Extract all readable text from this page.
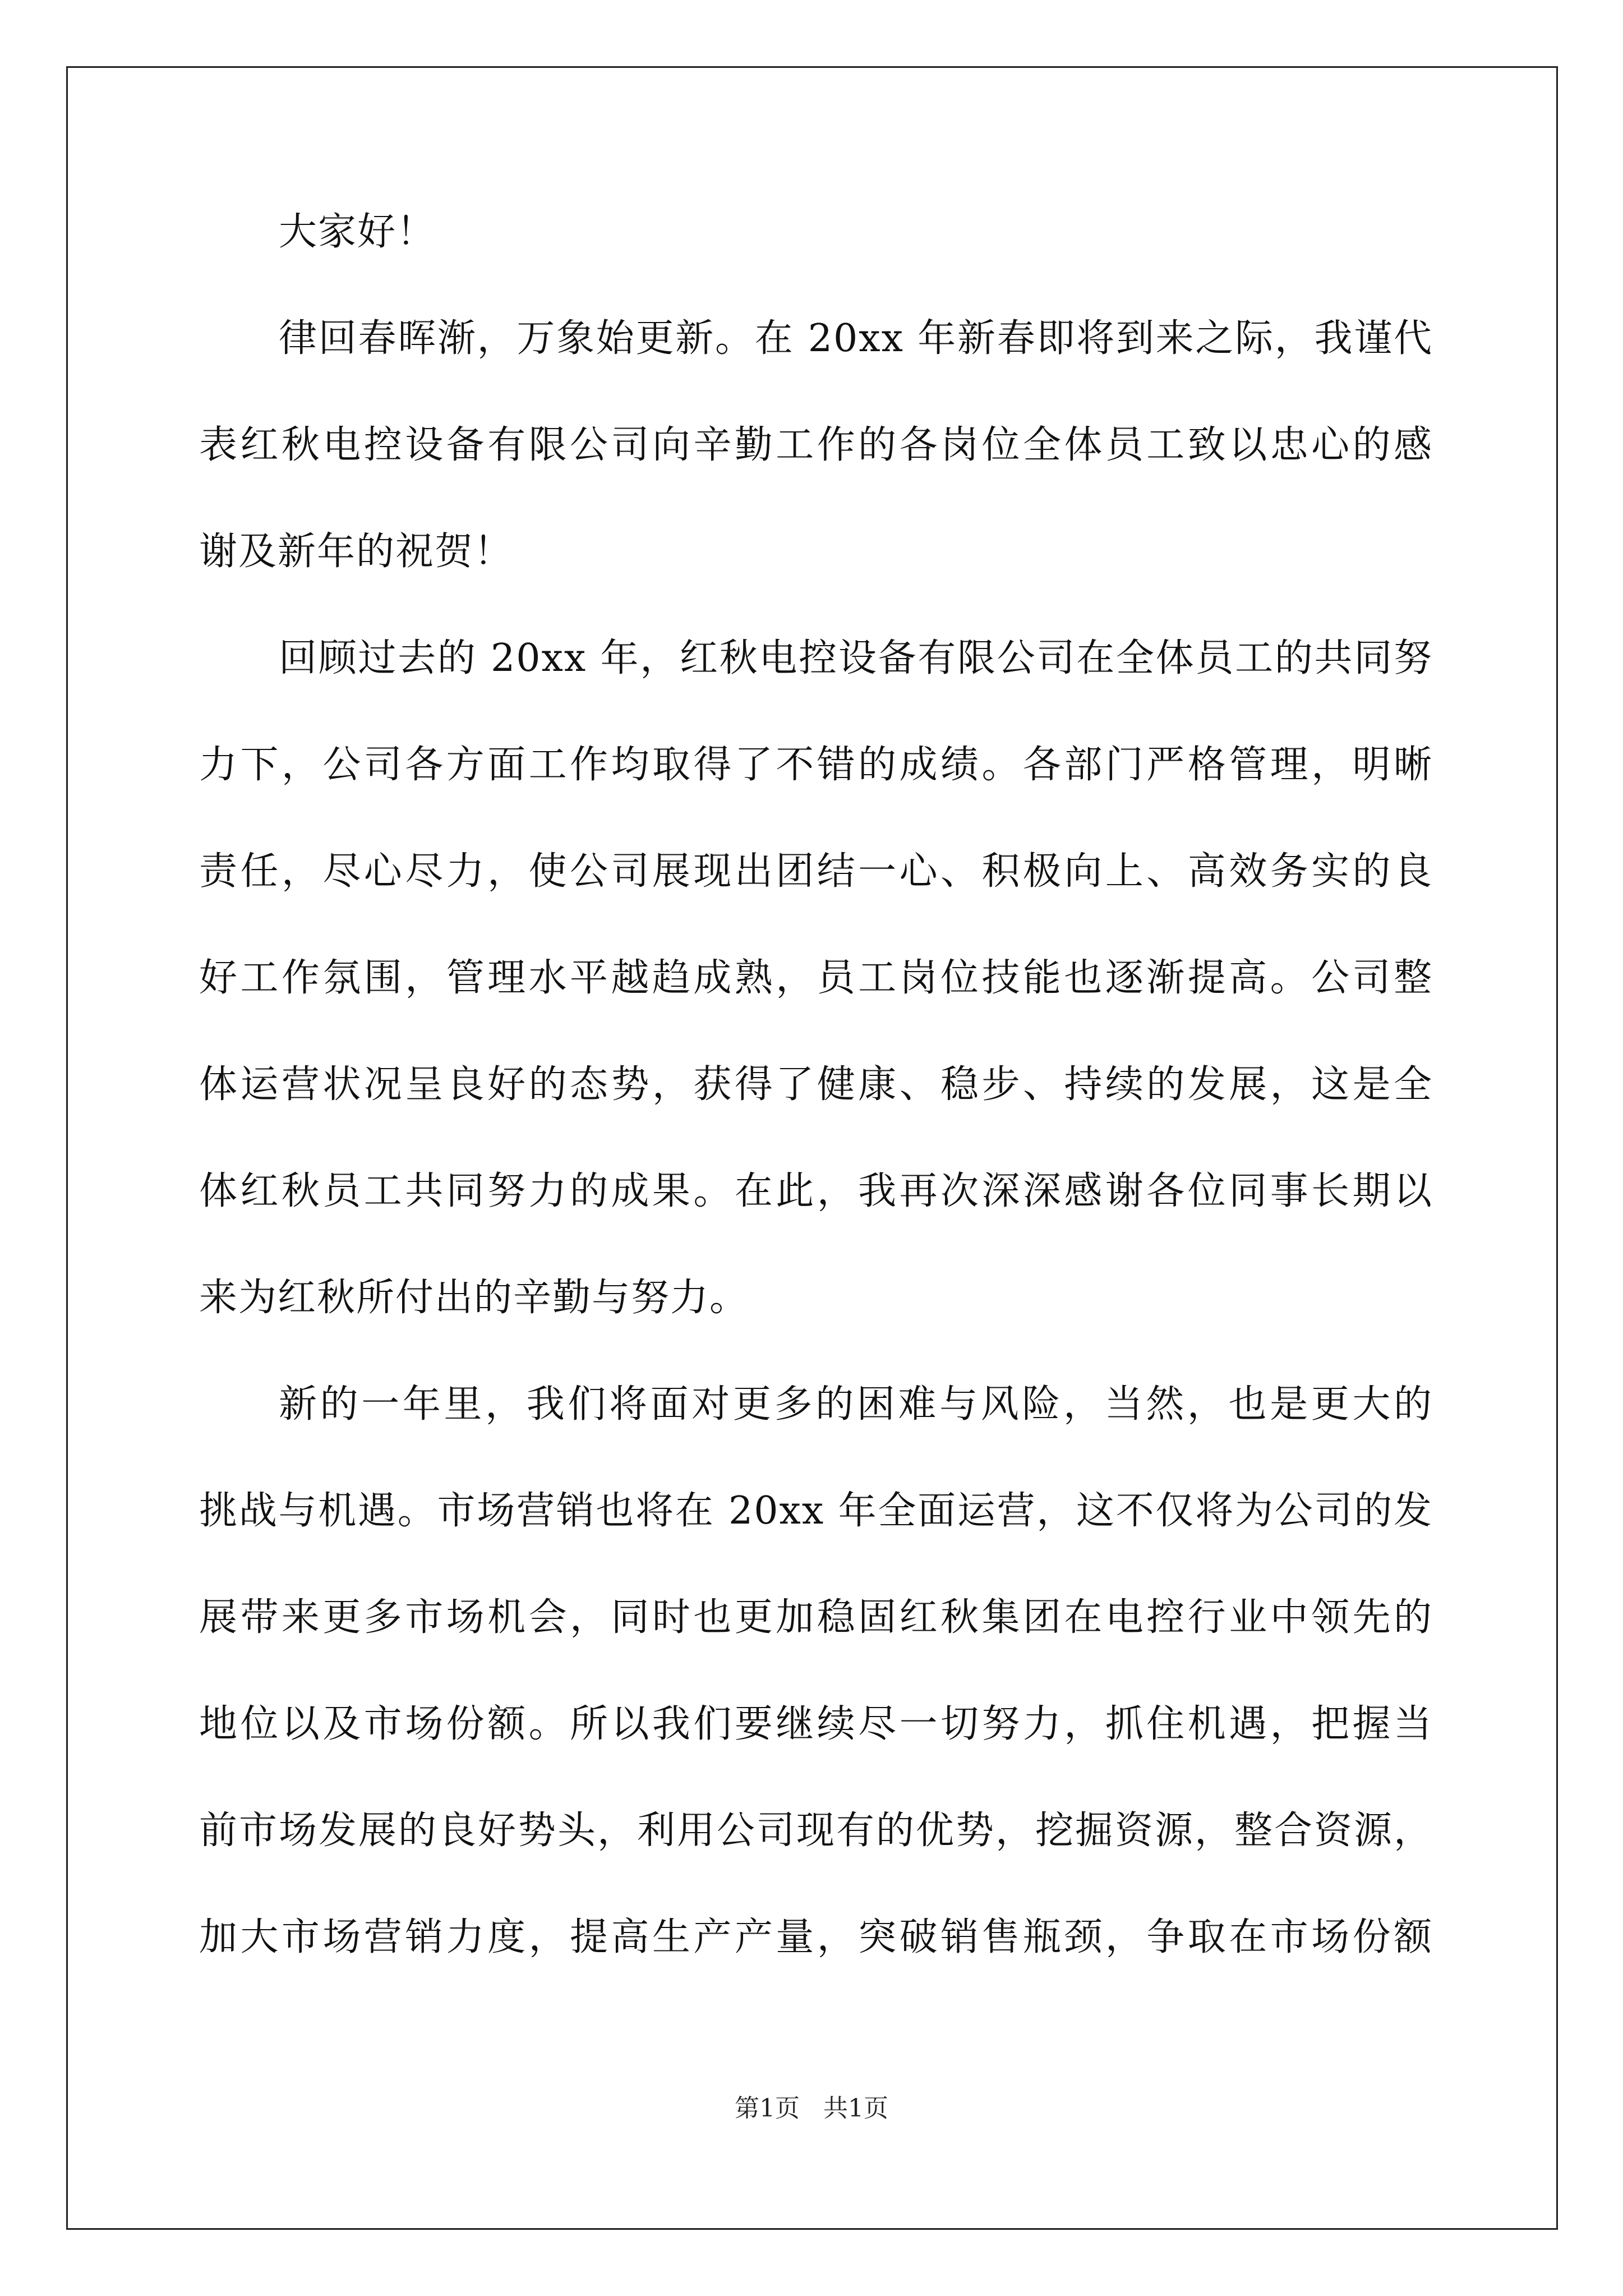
大家好！
律回春晖渐，万象始更新。在 20xx 年新春即将到来之际，我谨代
表红秋电控设备有限公司向辛勤工作的各岗位全体员工致以忠心的感
谢及新年的祝贺！
回顾过去的 20xx 年，红秋电控设备有限公司在全体员工的共同努
力下，公司各方面工作均取得了不错的成绩。各部门严格管理，明晰
责任，尽心尽力，使公司展现出团结一心、积极向上、高效务实的良
好工作氛围，管理水平越趋成熟，员工岗位技能也逐渐提高。公司整
体运营状况呈良好的态势，获得了健康、稳步、持续的发展，这是全
体红秋员工共同努力的成果。在此，我再次深深感谢各位同事长期以
来为红秋所付出的辛勤与努力。
新的一年里，我们将面对更多的困难与风险，当然，也是更大的
挑战与机遇。市场营销也将在 20xx 年全面运营，这不仅将为公司的发
展带来更多市场机会，同时也更加稳固红秋集团在电控行业中领先的
地位以及市场份额。所以我们要继续尽一切努力，抓住机遇，把握当
前市场发展的良好势头，利用公司现有的优势，挖掘资源，整合资源，
加大市场营销力度，提高生产产量，突破销售瓶颈，争取在市场份额
第1页   共1页
